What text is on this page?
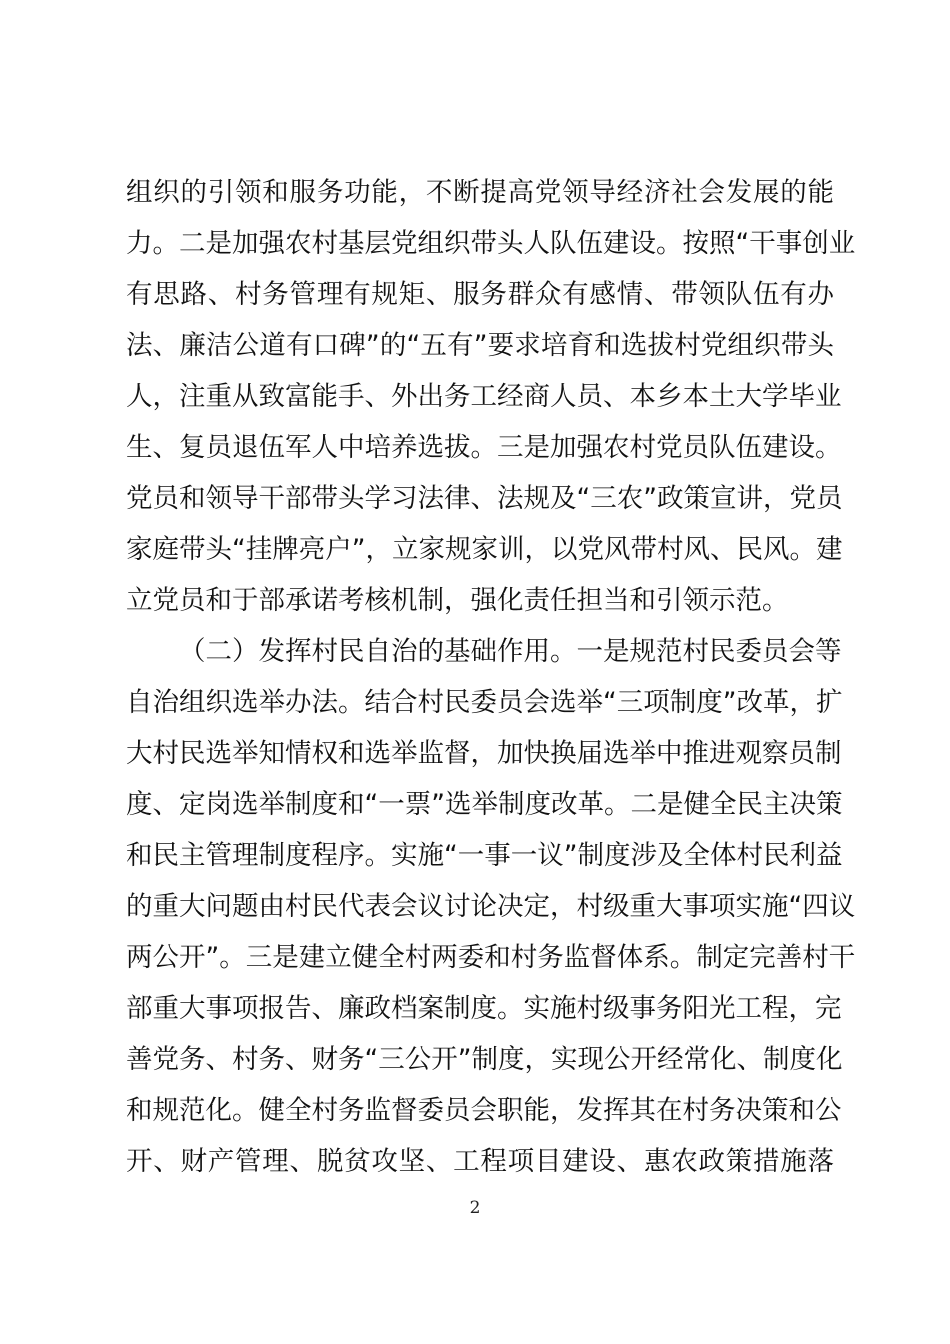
组织的引领和服务功能，不断提高党领导经济社会发展的能
力。二是加强农村基层党组织带头人队伍建设。按照“干事创业
有思路、村务管理有规矩、服务群众有感情、带领队伍有办
法、廉洁公道有口碑”的“五有”要求培育和选拔村党组织带头
人，注重从致富能手、外出务工经商人员、本乡本土大学毕业
生、复员退伍军人中培养选拔。三是加强农村党员队伍建设。
党员和领导干部带头学习法律、法规及“三农”政策宣讲，党员
家庭带头“挂牌亮户”，立家规家训，以党风带村风、民风。建
立党员和于部承诺考核机制，强化责任担当和引领示范。
（二）发挥村民自治的基础作用。一是规范村民委员会等
自治组织选举办法。结合村民委员会选举“三项制度”改革，扩
大村民选举知情权和选举监督，加快换届选举中推进观察员制
度、定岗选举制度和“一票”选举制度改革。二是健全民主决策
和民主管理制度程序。实施“一事一议”制度涉及全体村民利益
的重大问题由村民代表会议讨论决定，村级重大事项实施“四议
两公开”。三是建立健全村两委和村务监督体系。制定完善村干
部重大事项报告、廉政档案制度。实施村级事务阳光工程，完
善党务、村务、财务“三公开”制度，实现公开经常化、制度化
和规范化。健全村务监督委员会职能，发挥其在村务决策和公
开、财产管理、脱贫攻坚、工程项目建设、惠农政策措施落
2
